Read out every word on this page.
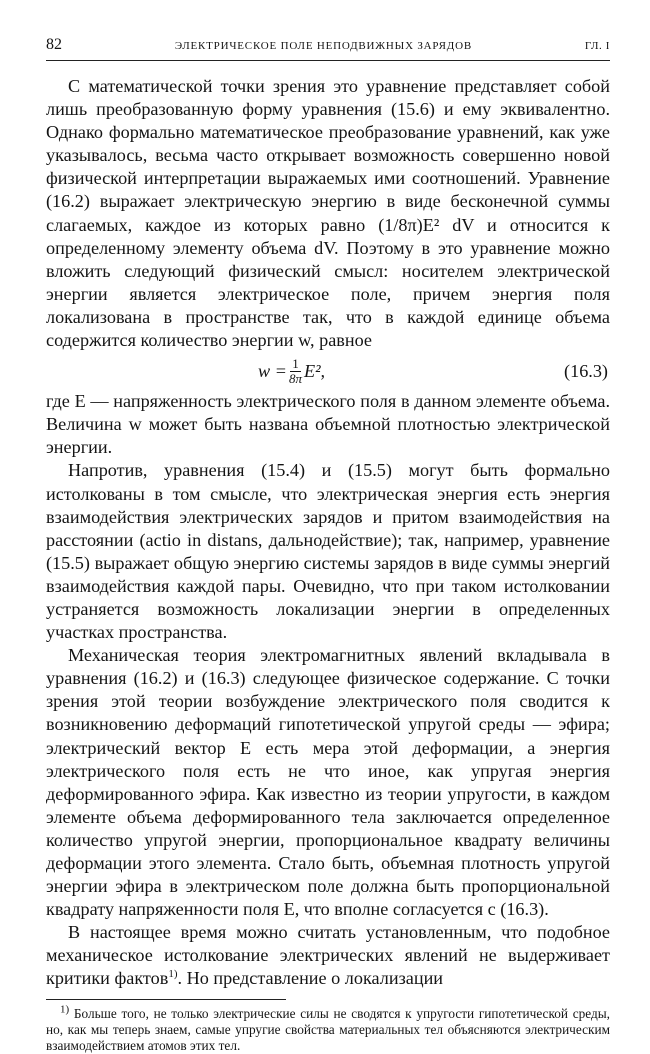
82	ЭЛЕКТРИЧЕСКОЕ ПОЛЕ НЕПОДВИЖНЫХ ЗАРЯДОВ	ГЛ. I

С математической точки зрения это уравнение представляет собой лишь преобразованную форму уравнения (15.6) и ему эквивалентно. Однако формально математическое преобразование уравнений, как уже указывалось, весьма часто открывает возможность совершенно новой физической интерпретации выражаемых ими соотношений. Уравнение (16.2) выражает электрическую энергию в виде бесконечной суммы слагаемых, каждое из которых равно (1/8π)E² dV и относится к определенному элементу объема dV. Поэтому в это уравнение можно вложить следующий физический смысл: носителем электрической энергии является электрическое поле, причем энергия поля локализована в пространстве так, что в каждой единице объема содержится количество энергии w, равное

$w = \frac{1}{8\pi} E^2$,	(16.3)

где E — напряженность электрического поля в данном элементе объема. Величина w может быть названа объемной плотностью электрической энергии.

Напротив, уравнения (15.4) и (15.5) могут быть формально истолкованы в том смысле, что электрическая энергия есть энергия взаимодействия электрических зарядов и притом взаимодействия на расстоянии (actio in distans, дальнодействие); так, например, уравнение (15.5) выражает общую энергию системы зарядов в виде суммы энергий взаимодействия каждой пары. Очевидно, что при таком истолковании устраняется возможность локализации энергии в определенных участках пространства.

Механическая теория электромагнитных явлений вкладывала в уравнения (16.2) и (16.3) следующее физическое содержание. С точки зрения этой теории возбуждение электрического поля сводится к возникновению деформаций гипотетической упругой среды — эфира; электрический вектор E есть мера этой деформации, а энергия электрического поля есть не что иное, как упругая энергия деформированного эфира. Как известно из теории упругости, в каждом элементе объема деформированного тела заключается определенное количество упругой энергии, пропорциональное квадрату величины деформации этого элемента. Стало быть, объемная плотность упругой энергии эфира в электрическом поле должна быть пропорциональной квадрату напряженности поля E, что вполне согласуется с (16.3).

В настоящее время можно считать установленным, что подобное механическое истолкование электрических явлений не выдерживает критики фактов$^{1)}$. Но представление о локализации

$^{1)}$ Больше того, не только электрические силы не сводятся к упругости гипотетической среды, но, как мы теперь знаем, самые упругие свойства материальных тел объясняются электрическим взаимодействием атомов этих тел.
